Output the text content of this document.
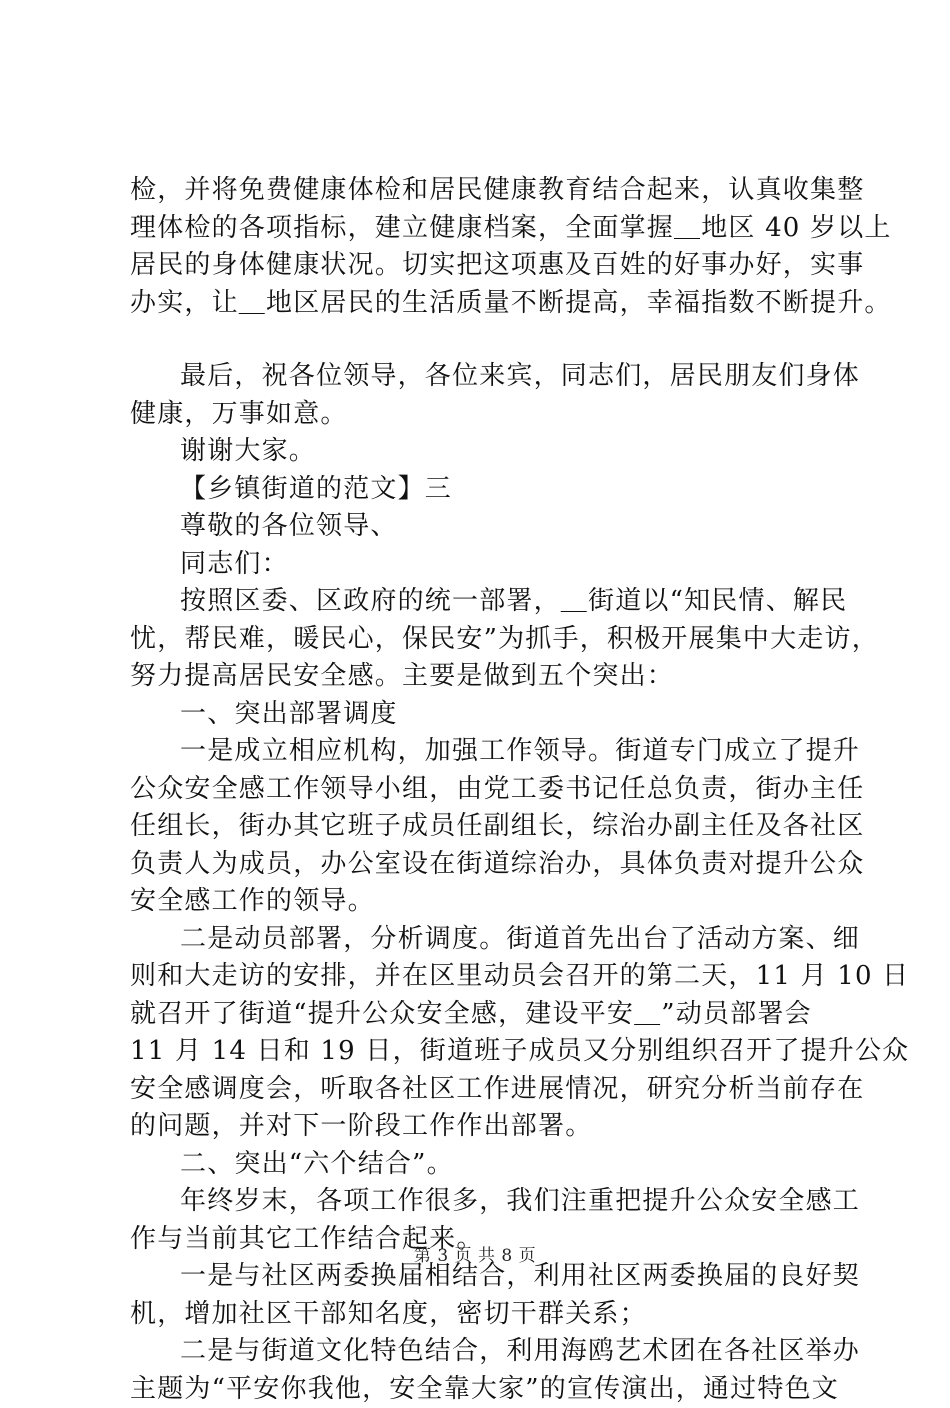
检，并将免费健康体检和居民健康教育结合起来，认真收集整
理体检的各项指标，建立健康档案，全面掌握＿地区 40 岁以上
居民的身体健康状况。切实把这项惠及百姓的好事办好，实事
办实，让＿地区居民的生活质量不断提高，幸福指数不断提升。
最后，祝各位领导，各位来宾，同志们，居民朋友们身体
健康，万事如意。
谢谢大家。
【乡镇街道的范文】三
尊敬的各位领导、
同志们：
按照区委、区政府的统一部署，＿街道以“知民情、解民
忧，帮民难，暖民心，保民安”为抓手，积极开展集中大走访，
努力提高居民安全感。主要是做到五个突出：
一、突出部署调度
一是成立相应机构，加强工作领导。街道专门成立了提升
公众安全感工作领导小组，由党工委书记任总负责，街办主任
任组长，街办其它班子成员任副组长，综治办副主任及各社区
负责人为成员，办公室设在街道综治办，具体负责对提升公众
安全感工作的领导。
二是动员部署，分析调度。街道首先出台了活动方案、细
则和大走访的安排，并在区里动员会召开的第二天，11 月 10 日
就召开了街道“提升公众安全感，建设平安＿”动员部署会
11 月 14 日和 19 日，街道班子成员又分别组织召开了提升公众
安全感调度会，听取各社区工作进展情况，研究分析当前存在
的问题，并对下一阶段工作作出部署。
二、突出“六个结合”。
年终岁末，各项工作很多，我们注重把提升公众安全感工
作与当前其它工作结合起来。
一是与社区两委换届相结合，利用社区两委换届的良好契
机，增加社区干部知名度，密切干群关系；
二是与街道文化特色结合，利用海鸥艺术团在各社区举办
主题为“平安你我他，安全靠大家”的宣传演出，通过特色文
第 3 页 共 8 页
